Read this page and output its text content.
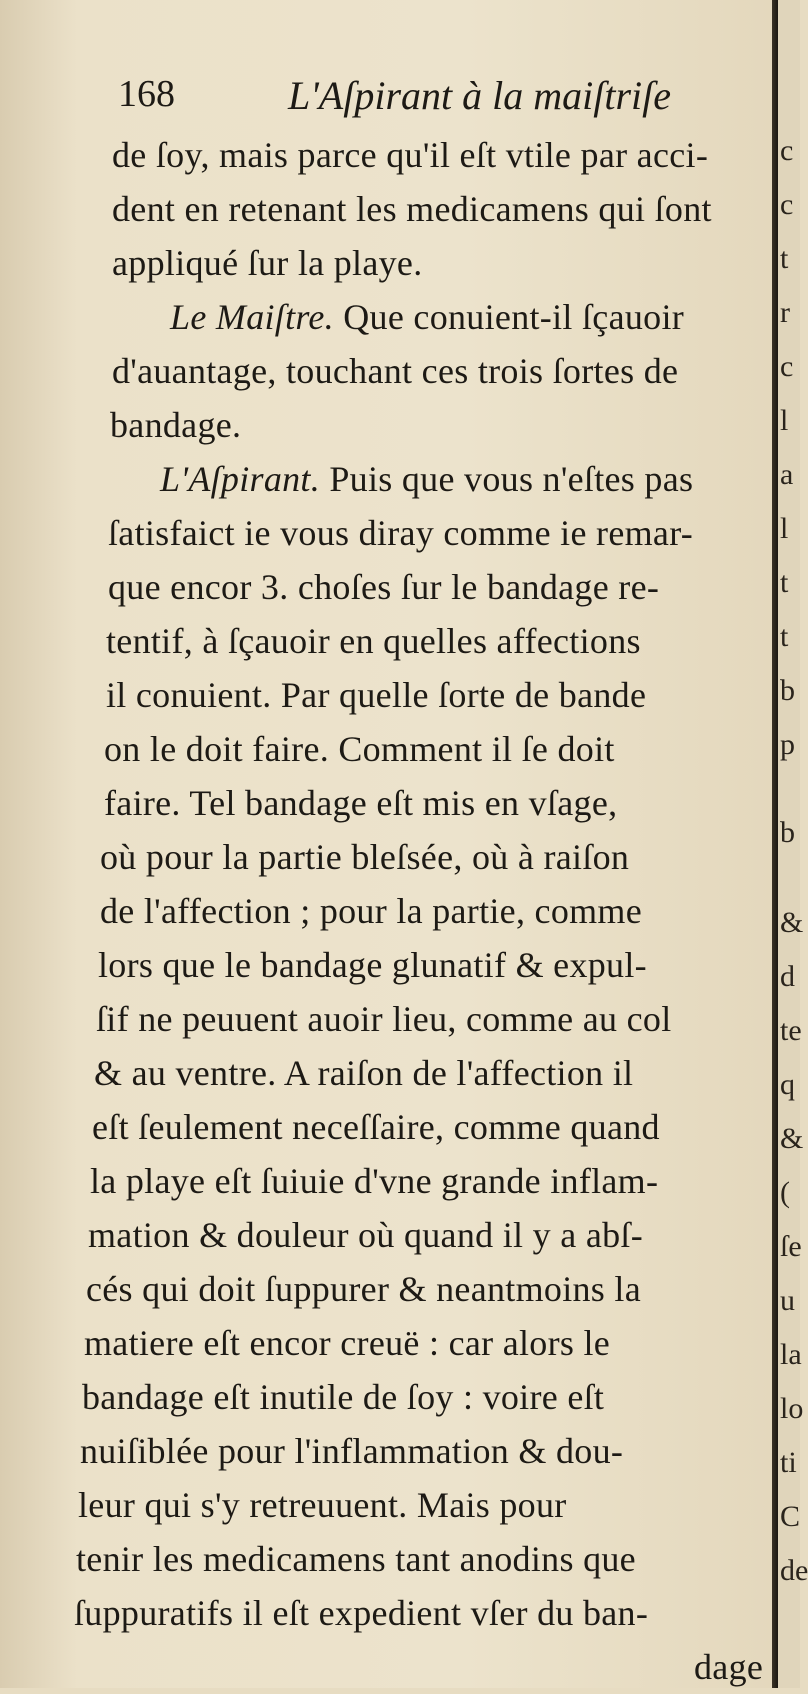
168	L'Aſpirant à la maiſtriſe
de ſoy, mais parce qu'il eſt vtile par acci-
dent en retenant les medicamens qui ſont
appliqué ſur la playe.
Le Maiſtre. Que conuient-il ſçauoir
d'auantage, touchant ces trois ſortes de
bandage.
L'Aſpirant. Puis que vous n'eſtes pas
ſatisfaict ie vous diray comme ie remar-
que encor 3. choſes ſur le bandage re-
tentif, à ſçauoir en quelles affections
il conuient. Par quelle ſorte de bande
on le doit faire. Comment il ſe doit
faire. Tel bandage eſt mis en vſage,
où pour la partie bleſsée, où à raiſon
de l'affection ; pour la partie, comme
lors que le bandage glunatif & expul-
ſif ne peuuent auoir lieu, comme au col
& au ventre. A raiſon de l'affection il
eſt ſeulement neceſſaire, comme quand
la playe eſt ſuiuie d'vne grande inflam-
mation & douleur où quand il y a abſ-
cés qui doit ſuppurer & neantmoins la
matiere eſt encor creuë : car alors le
bandage eſt inutile de ſoy : voire eſt
nuiſiblée pour l'inflammation & dou-
leur qui s'y retreuuent. Mais pour
tenir les medicamens tant anodins que
ſuppuratifs il eſt expedient vſer du ban-
dage
c
c
t
r
c
l
a
l
t
t
b
p
b
&
d
te
q
&
(
ſe
u
la
lo
ti
C
de
